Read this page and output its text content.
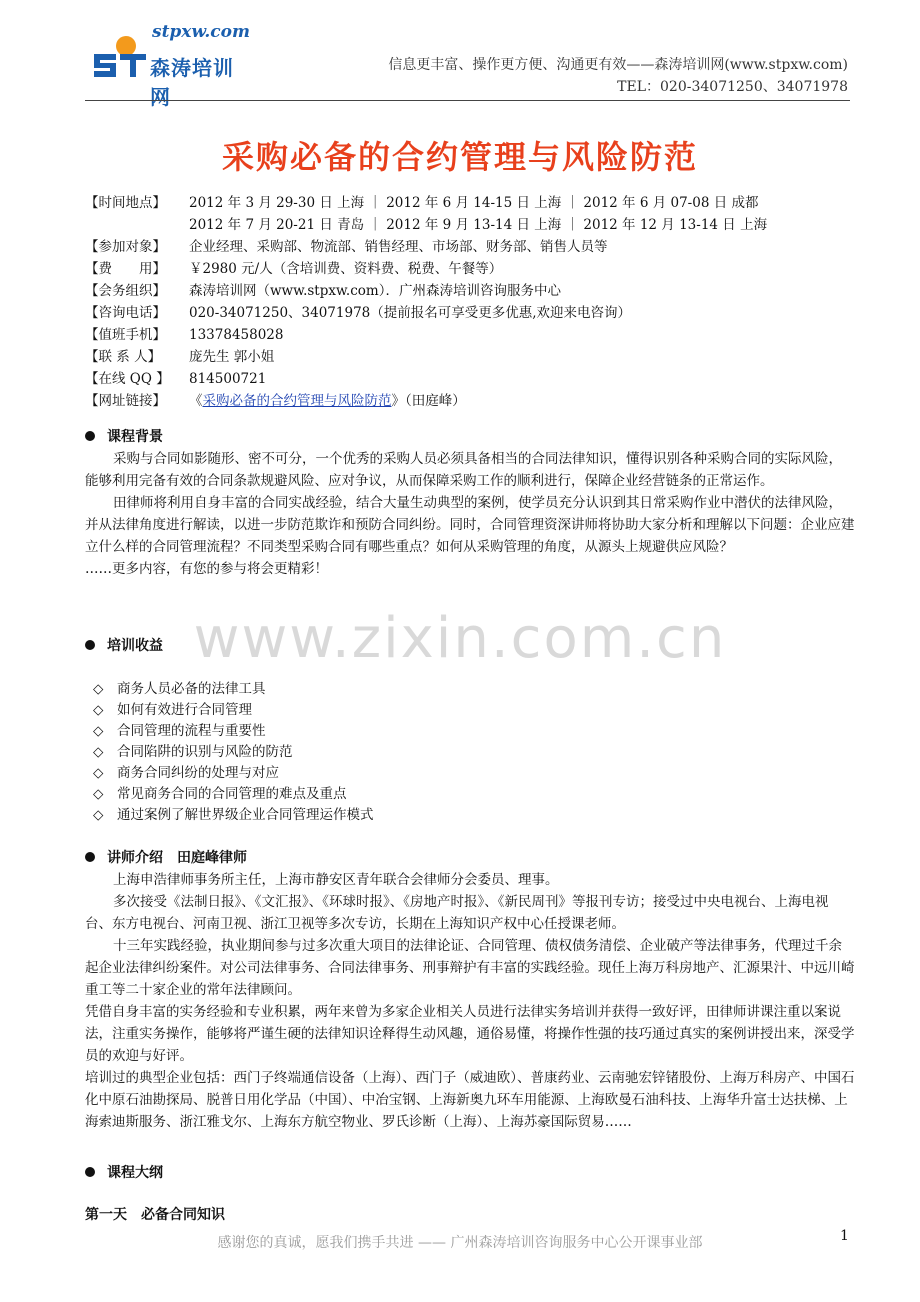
stpxw.com
森涛培训网
信息更丰富、操作更方便、沟通更有效——森涛培训网(www.stpxw.com)
TEL：020-34071250、34071978
www.zixin.com.cn
采购必备的合约管理与风险防范
【时间地点】	2012 年 3 月 29-30 日 上海 ｜ 2012 年 6 月 14-15 日 上海 ｜ 2012 年 6 月 07-08 日 成都
2012 年 7 月 20-21 日 青岛 ｜ 2012 年 9 月 13-14 日 上海 ｜ 2012 年 12 月 13-14 日 上海
【参加对象】	企业经理、采购部、物流部、销售经理、市场部、财务部、销售人员等
【费　　用】	￥2980 元/人（含培训费、资料费、税费、午餐等）
【会务组织】	森涛培训网（www.stpxw.com）．广州森涛培训咨询服务中心
【咨询电话】	020-34071250、34071978（提前报名可享受更多优惠,欢迎来电咨询）
【值班手机】	13378458028
【联 系 人】	庞先生 郭小姐
【在线 QQ 】	814500721
【网址链接】	《采购必备的合约管理与风险防范》（田庭峰）
课程背景

采购与合同如影随形、密不可分，一个优秀的采购人员必须具备相当的合同法律知识，懂得识别各种采购合同的实际风险，能够利用完备有效的合同条款规避风险、应对争议，从而保障采购工作的顺利进行，保障企业经营链条的正常运作。

田律师将利用自身丰富的合同实战经验，结合大量生动典型的案例，使学员充分认识到其日常采购作业中潜伏的法律风险，并从法律角度进行解读，以进一步防范欺诈和预防合同纠纷。同时，合同管理资深讲师将协助大家分析和理解以下问题：企业应建立什么样的合同管理流程？不同类型采购合同有哪些重点？如何从采购管理的角度，从源头上规避供应风险？

……更多内容，有您的参与将会更精彩！

培训收益
◇ 商务人员必备的法律工具
◇ 如何有效进行合同管理
◇ 合同管理的流程与重要性
◇ 合同陷阱的识别与风险的防范
◇ 商务合同纠纷的处理与对应
◇ 常见商务合同的合同管理的难点及重点
◇ 通过案例了解世界级企业合同管理运作模式
讲师介绍　田庭峰律师

上海申浩律师事务所主任，上海市静安区青年联合会律师分会委员、理事。

多次接受《法制日报》、《文汇报》、《环球时报》、《房地产时报》、《新民周刊》等报刊专访；接受过中央电视台、上海电视台、东方电视台、河南卫视、浙江卫视等多次专访，长期在上海知识产权中心任授课老师。

十三年实践经验，执业期间参与过多次重大项目的法律论证、合同管理、债权债务清偿、企业破产等法律事务，代理过千余起企业法律纠纷案件。对公司法律事务、合同法律事务、刑事辩护有丰富的实践经验。现任上海万科房地产、汇源果汁、中远川崎重工等二十家企业的常年法律顾问。

凭借自身丰富的实务经验和专业积累，两年来曾为多家企业相关人员进行法律实务培训并获得一致好评，田律师讲课注重以案说法，注重实务操作，能够将严谨生硬的法律知识诠释得生动风趣，通俗易懂，将操作性强的技巧通过真实的案例讲授出来，深受学员的欢迎与好评。

培训过的典型企业包括：西门子终端通信设备（上海）、西门子（威迪欧）、普康药业、云南驰宏锌锗股份、上海万科房产、中国石化中原石油勘探局、脱普日用化学品（中国）、中冶宝钢、上海新奥九环车用能源、上海欧曼石油科技、上海华升富士达扶梯、上海索迪斯服务、浙江雅戈尔、上海东方航空物业、罗氏诊断（上海）、上海苏豪国际贸易……

课程大纲
第一天　必备合同知识
感谢您的真诚，愿我们携手共进 —— 广州森涛培训咨询服务中心公开课事业部	1
